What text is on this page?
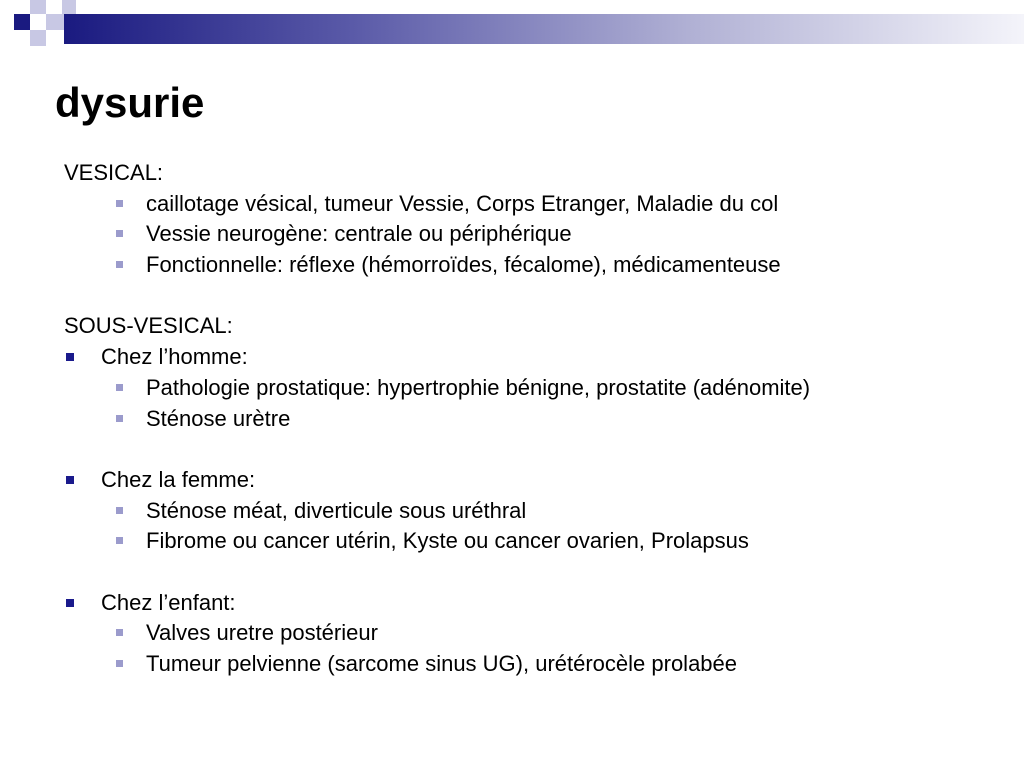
dysurie
VESICAL:
caillotage vésical, tumeur Vessie, Corps Etranger, Maladie du col
Vessie neurogène: centrale ou périphérique
Fonctionnelle: réflexe (hémorroïdes, fécalome), médicamenteuse
SOUS-VESICAL:
Chez l’homme:
Pathologie prostatique: hypertrophie bénigne, prostatite (adénomite)
Sténose urètre
Chez la femme:
Sténose méat, diverticule sous uréthral
Fibrome ou cancer utérin, Kyste ou cancer ovarien, Prolapsus
Chez l’enfant:
Valves uretre postérieur
Tumeur pelvienne (sarcome sinus UG), urétérocèle prolabée
